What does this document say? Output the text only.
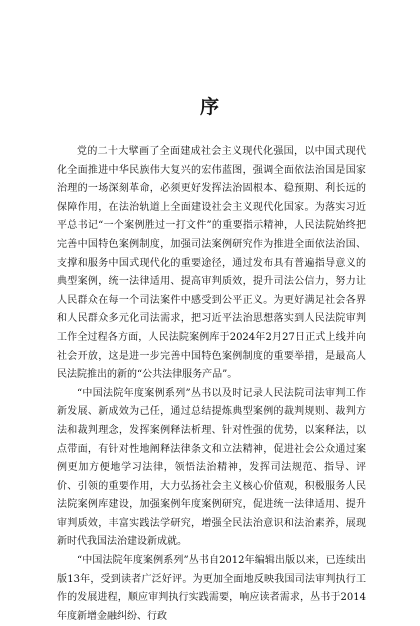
序

党的二十大擘画了全面建成社会主义现代化强国，以中国式现代化全面推进中华民族伟大复兴的宏伟蓝图，强调全面依法治国是国家治理的一场深刻革命，必须更好发挥法治固根本、稳预期、利长远的保障作用，在法治轨道上全面建设社会主义现代化国家。为落实习近平总书记“一个案例胜过一打文件”的重要指示精神，人民法院始终把完善中国特色案例制度，加强司法案例研究作为推进全面依法治国、支撑和服务中国式现代化的重要途径，通过发布具有普遍指导意义的典型案例，统一法律适用、提高审判质效，提升司法公信力，努力让人民群众在每一个司法案件中感受到公平正义。为更好满足社会各界和人民群众多元化司法需求，把习近平法治思想落实到人民法院审判工作全过程各方面，人民法院案例库于2024年2月27日正式上线并向社会开放，这是进一步完善中国特色案例制度的重要举措，是最高人民法院推出的新的“公共法律服务产品”。

“中国法院年度案例系列”丛书以及时记录人民法院司法审判工作新发展、新成效为己任，通过总结提炼典型案例的裁判规则、裁判方法和裁判理念，发挥案例释法析理、针对性强的优势，以案释法，以点带面，有针对性地阐释法律条文和立法精神，促进社会公众通过案例更加方便地学习法律，领悟法治精神，发挥司法规范、指导、评价、引领的重要作用，大力弘扬社会主义核心价值观，积极服务人民法院案例库建设，加强案例年度案例研究，促进统一法律适用、提升审判质效，丰富实践法学研究，增强全民法治意识和法治素养，展现新时代我国法治建设新成就。

“中国法院年度案例系列”丛书自2012年编辑出版以来，已连续出版13年，受到读者广泛好评。为更加全面地反映我国司法审判执行工作的发展进程，顺应审判执行实践需要，响应读者需求，丛书于2014年度新增金融纠纷、行政
